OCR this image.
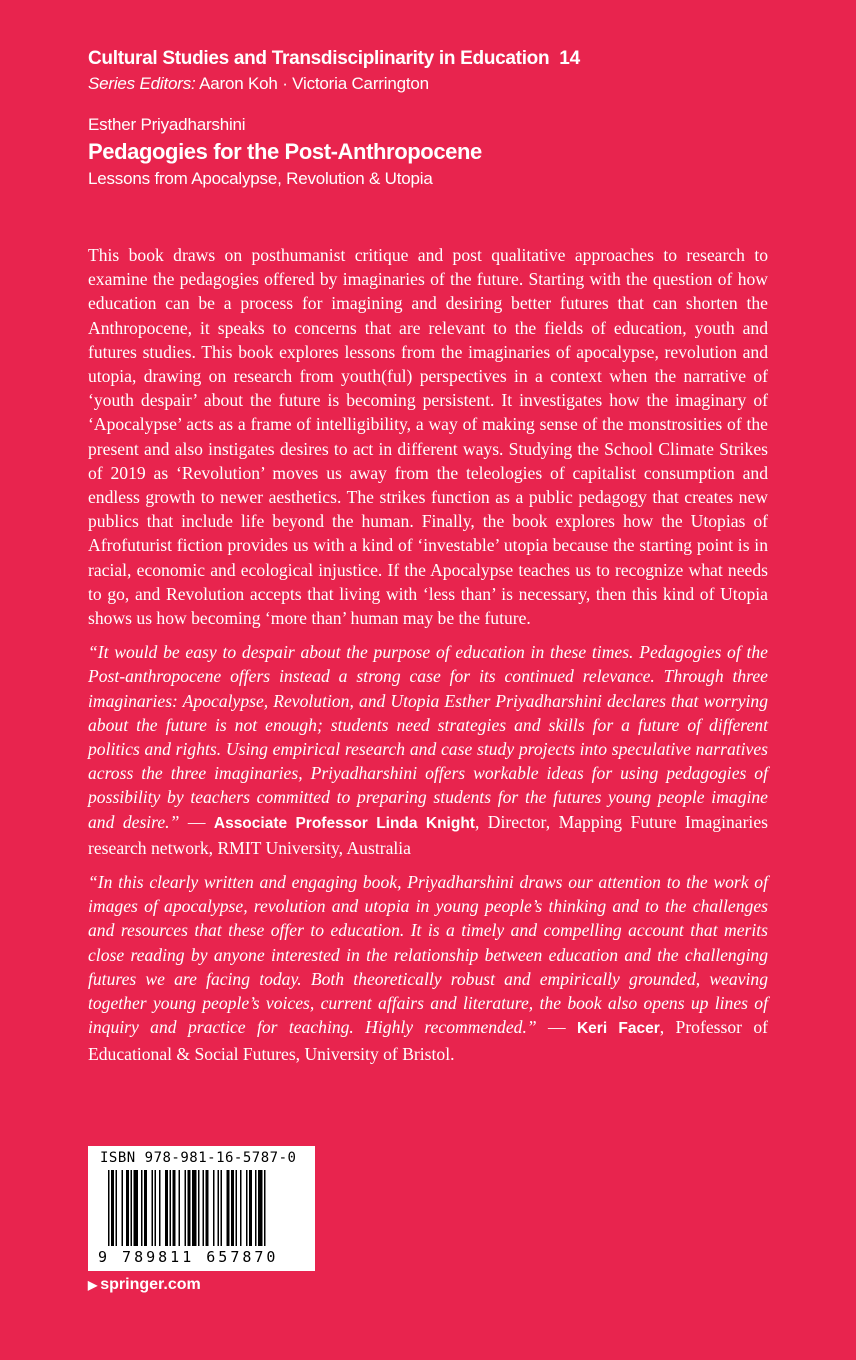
Cultural Studies and Transdisciplinarity in Education 14
Series Editors: Aaron Koh · Victoria Carrington
Esther Priyadharshini
Pedagogies for the Post-Anthropocene
Lessons from Apocalypse, Revolution & Utopia

This book draws on posthumanist critique and post qualitative approaches to research to examine the pedagogies offered by imaginaries of the future. Starting with the question of how education can be a process for imagining and desiring better futures that can shorten the Anthropocene, it speaks to concerns that are relevant to the fields of education, youth and futures studies. This book explores lessons from the imaginaries of apocalypse, revolution and utopia, drawing on research from youth(ful) perspectives in a context when the narrative of ‘youth despair’ about the future is becoming persistent. It investigates how the imaginary of ‘Apocalypse’ acts as a frame of intelligibility, a way of making sense of the monstrosities of the present and also instigates desires to act in different ways. Studying the School Climate Strikes of 2019 as ‘Revolution’ moves us away from the teleologies of capitalist consumption and endless growth to newer aesthetics. The strikes function as a public pedagogy that creates new publics that include life beyond the human. Finally, the book explores how the Utopias of Afrofuturist fiction provides us with a kind of ‘investable’ utopia because the starting point is in racial, economic and ecological injustice. If the Apocalypse teaches us to recognize what needs to go, and Revolution accepts that living with ‘less than’ is necessary, then this kind of Utopia shows us how becoming ‘more than’ human may be the future.

“It would be easy to despair about the purpose of education in these times. Pedagogies of the Post-anthropocene offers instead a strong case for its continued relevance. Through three imaginaries: Apocalypse, Revolution, and Utopia Esther Priyadharshini declares that worrying about the future is not enough; students need strategies and skills for a future of different politics and rights. Using empirical research and case study projects into speculative narratives across the three imaginaries, Priyadharshini offers workable ideas for using pedagogies of possibility by teachers committed to preparing students for the futures young people imagine and desire.” — Associate Professor Linda Knight, Director, Mapping Future Imaginaries research network, RMIT University, Australia

“In this clearly written and engaging book, Priyadharshini draws our attention to the work of images of apocalypse, revolution and utopia in young people’s thinking and to the challenges and resources that these offer to education. It is a timely and compelling account that merits close reading by anyone interested in the relationship between education and the challenging futures we are facing today. Both theoretically robust and empirically grounded, weaving together young people’s voices, current affairs and literature, the book also opens up lines of inquiry and practice for teaching. Highly recommended.” — Keri Facer, Professor of Educational & Social Futures, University of Bristol.

ISBN 978-981-16-5787-0
9 789811 657870
▶ springer.com
